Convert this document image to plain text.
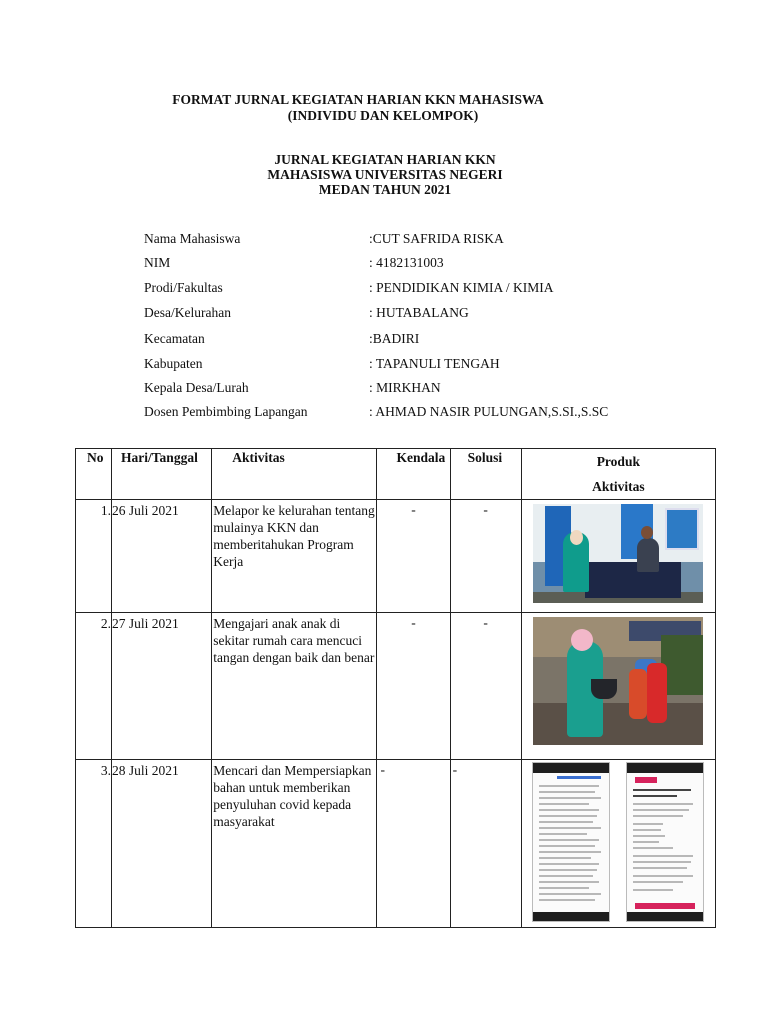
FORMAT JURNAL KEGIATAN HARIAN KKN MAHASISWA
(INDIVIDU DAN KELOMPOK)
JURNAL KEGIATAN HARIAN KKN
MAHASISWA UNIVERSITAS NEGERI
MEDAN TAHUN 2021
Nama Mahasiswa	:CUT SAFRIDA RISKA
NIM	: 4182131003
Prodi/Fakultas	: PENDIDIKAN KIMIA / KIMIA
Desa/Kelurahan	: HUTABALANG
Kecamatan	:BADIRI
Kabupaten	: TAPANULI TENGAH
Kepala Desa/Lurah	: MIRKHAN
Dosen Pembimbing Lapangan	: AHMAD NASIR PULUNGAN,S.SI.,S.SC
No	Hari/Tanggal	Aktivitas	Kendala	Solusi	Produk
Aktivitas

1.	26 Juli 2021	Melapor ke kelurahan tentang mulainya KKN dan memberitahukan Program Kerja	-	-	

2.	27 Juli 2021	Mengajari anak anak di sekitar rumah cara mencuci tangan dengan baik dan benar	-	-	

3.	28 Juli 2021	Mencari dan Mempersiapkan bahan untuk memberikan penyuluhan covid kepada masyarakat	-	-	
